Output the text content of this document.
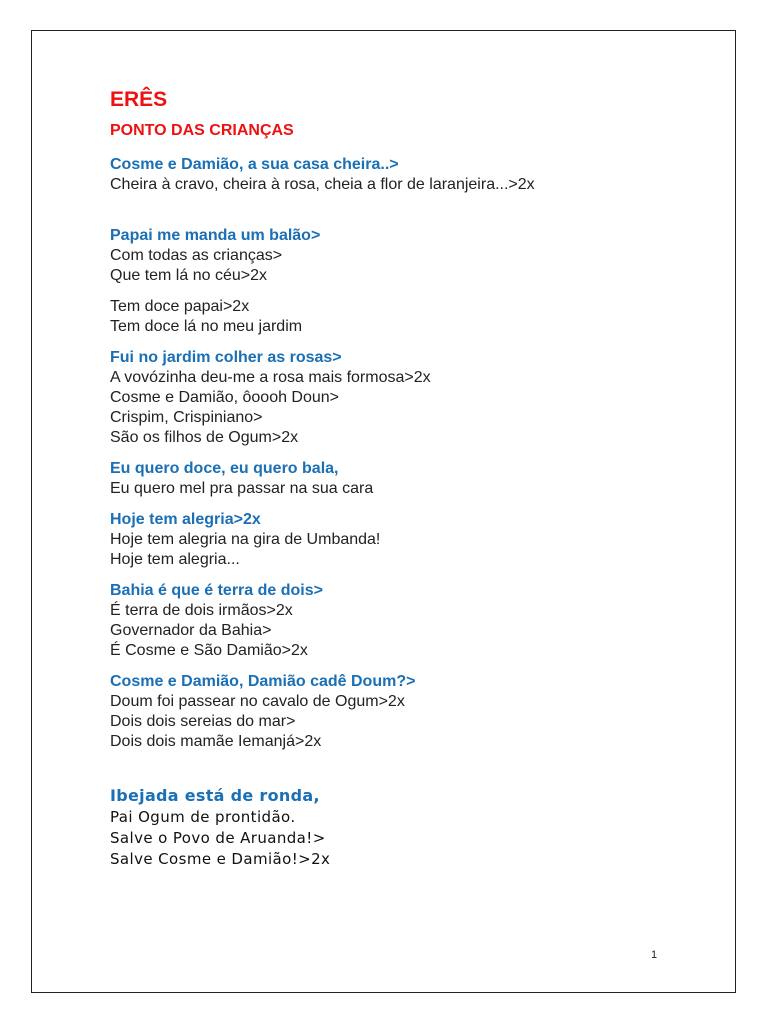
ERÊS
PONTO DAS CRIANÇAS
Cosme e Damião, a sua casa cheira..>
Cheira à cravo, cheira à rosa, cheia a flor de laranjeira...>2x
Papai me manda um balão>
Com todas as crianças>
Que tem lá no céu>2x
Tem doce papai>2x
Tem doce lá no meu jardim
Fui no jardim colher as rosas>
A vovózinha deu-me a rosa mais formosa>2x
Cosme e Damião, ôoooh Doun>
Crispim, Crispiniano>
São os filhos de Ogum>2x
Eu quero doce, eu quero bala,
Eu quero mel pra passar na sua cara
Hoje tem alegria>2x
Hoje tem alegria na gira de Umbanda!
Hoje tem alegria...
Bahia é que é terra de dois>
É terra de dois irmãos>2x
Governador da Bahia>
É Cosme e São Damião>2x
Cosme e Damião, Damião cadê Doum?>
Doum foi passear no cavalo de Ogum>2x
Dois dois sereias do mar>
Dois dois mamãe Iemanjá>2x
Ibejada está de ronda,
Pai Ogum de prontidão.
Salve o Povo de Aruanda!>
Salve Cosme e Damião!>2x
1
